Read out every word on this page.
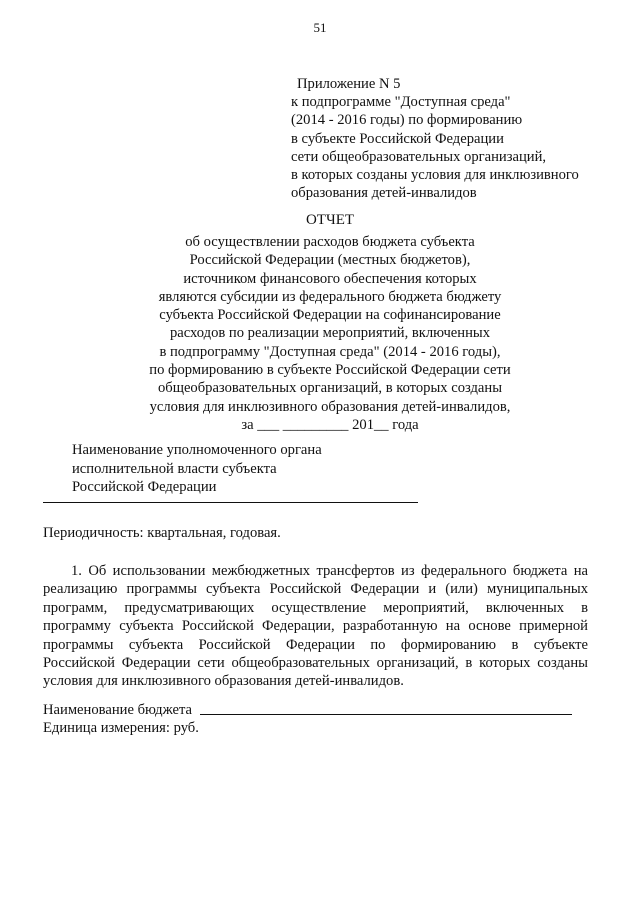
51
Приложение N 5
к подпрограмме "Доступная среда"
(2014 - 2016 годы) по формированию
в субъекте Российской Федерации
сети общеобразовательных организаций,
в которых созданы условия для инклюзивного
образования детей-инвалидов
ОТЧЕТ
об осуществлении расходов бюджета субъекта
Российской Федерации (местных бюджетов),
источником финансового обеспечения которых
являются субсидии из федерального бюджета бюджету
субъекта Российской Федерации на софинансирование
расходов по реализации мероприятий, включенных
в подпрограмму "Доступная среда" (2014 - 2016 годы),
по формированию в субъекте Российской Федерации сети
общеобразовательных организаций, в которых созданы
условия для инклюзивного образования детей-инвалидов,
за ___ _________ 201__ года
Наименование уполномоченного органа
исполнительной власти субъекта
Российской Федерации
Периодичность: квартальная, годовая.
1. Об использовании межбюджетных трансфертов из федерального бюджета на
реализацию программы субъекта Российской Федерации и (или) муниципальных
программ, предусматривающих осуществление мероприятий, включенных в
программу субъекта Российской Федерации, разработанную на основе примерной
программы субъекта Российской Федерации по формированию в субъекте
Российской Федерации сети общеобразовательных организаций, в которых созданы
условия для инклюзивного образования детей-инвалидов.
Наименование бюджета
Единица измерения: руб.
